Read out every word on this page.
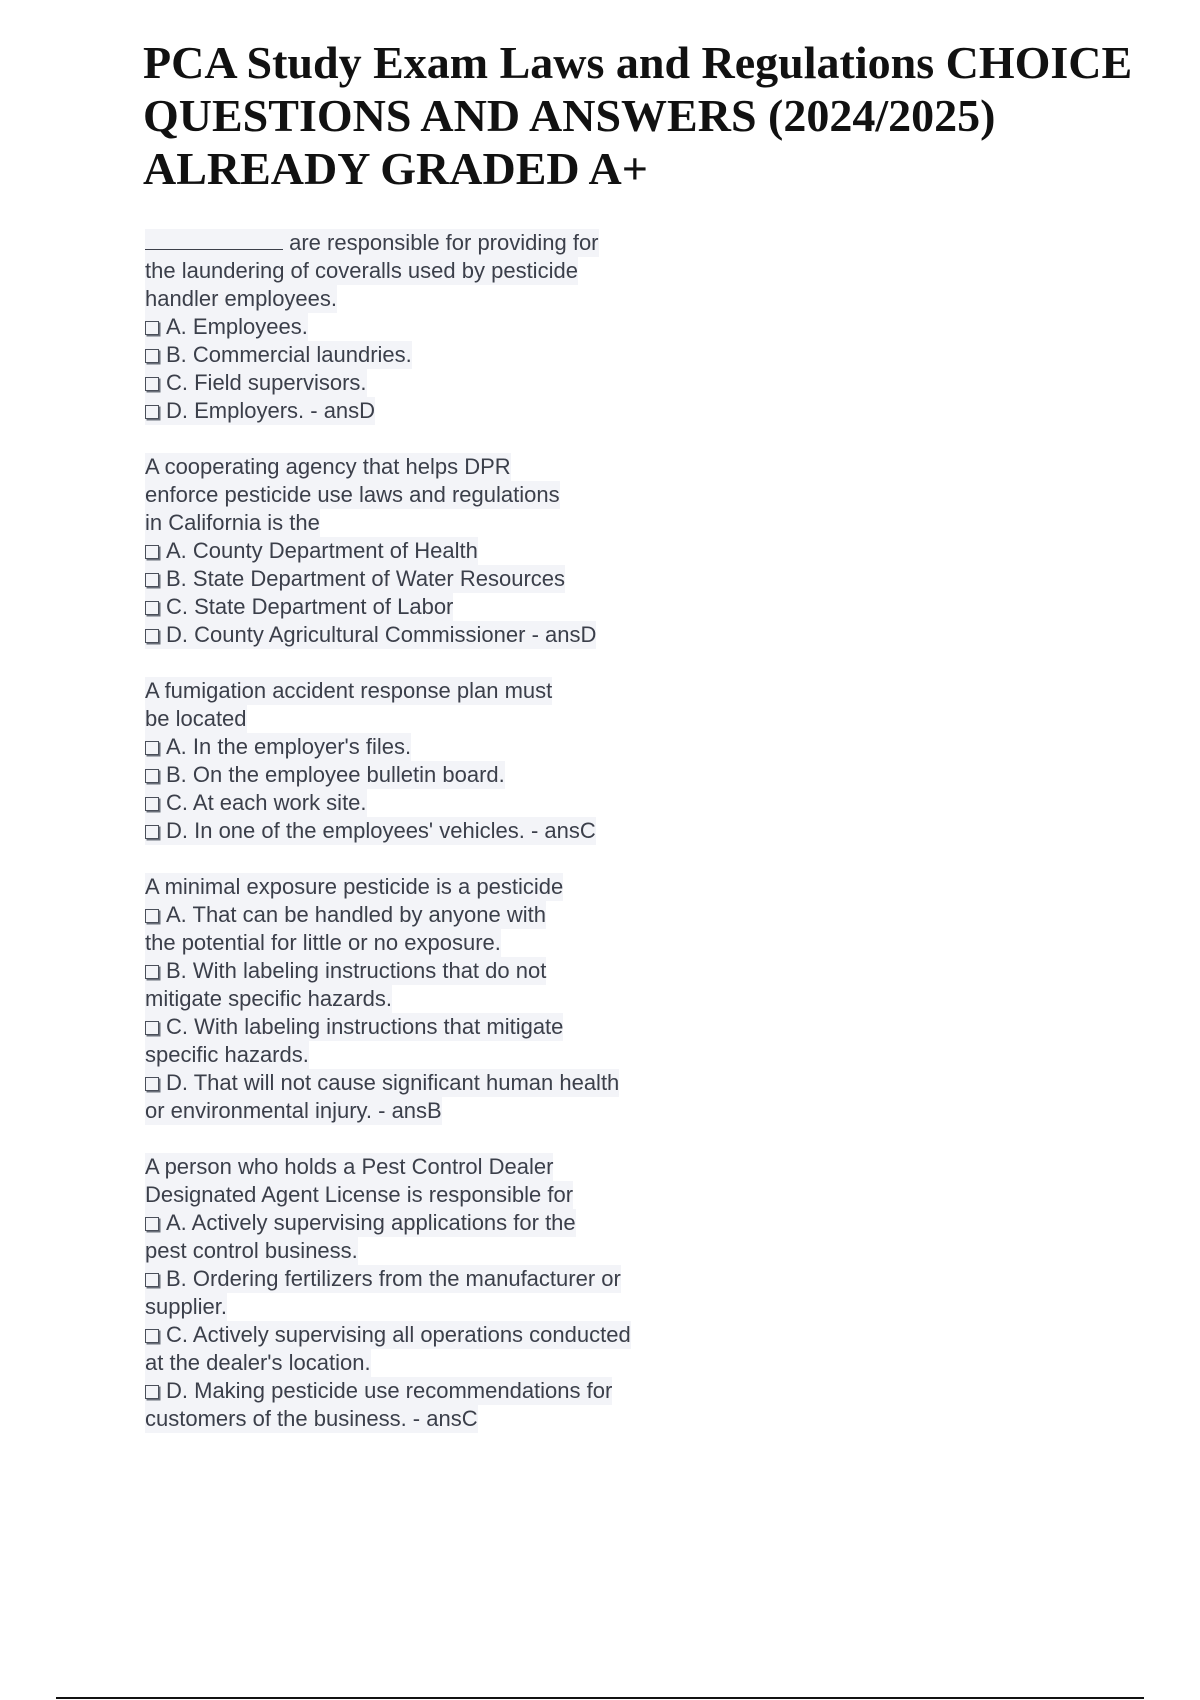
PCA Study Exam Laws and Regulations CHOICE
QUESTIONS AND ANSWERS (2024/2025)
ALREADY GRADED A+
are responsible for providing for
the laundering of coveralls used by pesticide
handler employees.
A. Employees.
B. Commercial laundries.
C. Field supervisors.
D. Employers. - ansD
A cooperating agency that helps DPR
enforce pesticide use laws and regulations
in California is the
A. County Department of Health
B. State Department of Water Resources
C. State Department of Labor
D. County Agricultural Commissioner - ansD
A fumigation accident response plan must
be located
A. In the employer's files.
B. On the employee bulletin board.
C. At each work site.
D. In one of the employees' vehicles. - ansC
A minimal exposure pesticide is a pesticide
A. That can be handled by anyone with
the potential for little or no exposure.
B. With labeling instructions that do not
mitigate specific hazards.
C. With labeling instructions that mitigate
specific hazards.
D. That will not cause significant human health
or environmental injury. - ansB
A person who holds a Pest Control Dealer
Designated Agent License is responsible for
A. Actively supervising applications for the
pest control business.
B. Ordering fertilizers from the manufacturer or
supplier.
C. Actively supervising all operations conducted
at the dealer's location.
D. Making pesticide use recommendations for
customers of the business. - ansC
